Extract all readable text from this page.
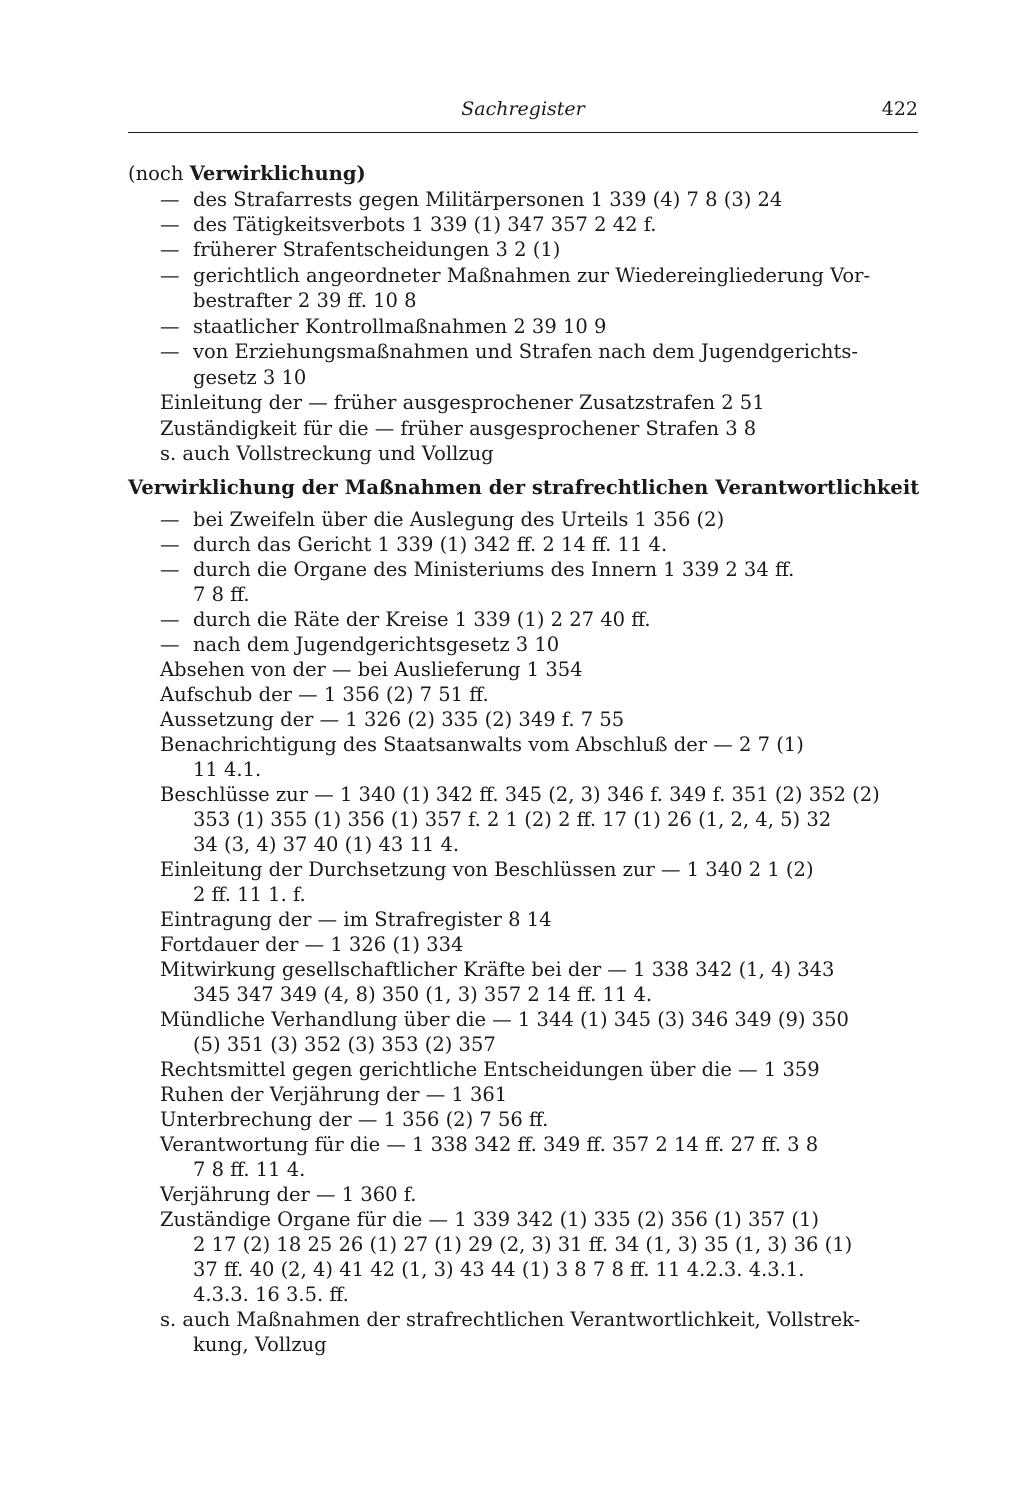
Sachregister	422
(noch Verwirklichung)
— des Strafarrests gegen Militärpersonen 1 339 (4) 7 8 (3) 24
— des Tätigkeitsverbots 1 339 (1) 347 357 2 42 f.
— früherer Strafentscheidungen 3 2 (1)
— gerichtlich angeordneter Maßnahmen zur Wiedereingliederung Vor-
bestrafter 2 39 ff. 10 8
— staatlicher Kontrollmaßnahmen 2 39 10 9
— von Erziehungsmaßnahmen und Strafen nach dem Jugendgerichts-
gesetz 3 10
Einleitung der — früher ausgesprochener Zusatzstrafen 2 51
Zuständigkeit für die — früher ausgesprochener Strafen 3 8
s. auch Vollstreckung und Vollzug
Verwirklichung der Maßnahmen der strafrechtlichen Verantwortlichkeit
— bei Zweifeln über die Auslegung des Urteils 1 356 (2)
— durch das Gericht 1 339 (1) 342 ff. 2 14 ff. 11 4.
— durch die Organe des Ministeriums des Innern 1 339 2 34 ff.
7 8 ff.
— durch die Räte der Kreise 1 339 (1) 2 27 40 ff.
— nach dem Jugendgerichtsgesetz 3 10
Absehen von der — bei Auslieferung 1 354
Aufschub der — 1 356 (2) 7 51 ff.
Aussetzung der — 1 326 (2) 335 (2) 349 f. 7 55
Benachrichtigung des Staatsanwalts vom Abschluß der — 2 7 (1)
11 4.1.
Beschlüsse zur — 1 340 (1) 342 ff. 345 (2, 3) 346 f. 349 f. 351 (2) 352 (2)
353 (1) 355 (1) 356 (1) 357 f. 2 1 (2) 2 ff. 17 (1) 26 (1, 2, 4, 5) 32
34 (3, 4) 37 40 (1) 43 11 4.
Einleitung der Durchsetzung von Beschlüssen zur — 1 340 2 1 (2)
2 ff. 11 1. f.
Eintragung der — im Strafregister 8 14
Fortdauer der — 1 326 (1) 334
Mitwirkung gesellschaftlicher Kräfte bei der — 1 338 342 (1, 4) 343
345 347 349 (4, 8) 350 (1, 3) 357 2 14 ff. 11 4.
Mündliche Verhandlung über die — 1 344 (1) 345 (3) 346 349 (9) 350
(5) 351 (3) 352 (3) 353 (2) 357
Rechtsmittel gegen gerichtliche Entscheidungen über die — 1 359
Ruhen der Verjährung der — 1 361
Unterbrechung der — 1 356 (2) 7 56 ff.
Verantwortung für die — 1 338 342 ff. 349 ff. 357 2 14 ff. 27 ff. 3 8
7 8 ff. 11 4.
Verjährung der — 1 360 f.
Zuständige Organe für die — 1 339 342 (1) 335 (2) 356 (1) 357 (1)
2 17 (2) 18 25 26 (1) 27 (1) 29 (2, 3) 31 ff. 34 (1, 3) 35 (1, 3) 36 (1)
37 ff. 40 (2, 4) 41 42 (1, 3) 43 44 (1) 3 8 7 8 ff. 11 4.2.3. 4.3.1.
4.3.3. 16 3.5. ff.
s. auch Maßnahmen der strafrechtlichen Verantwortlichkeit, Vollstrek-
kung, Vollzug
